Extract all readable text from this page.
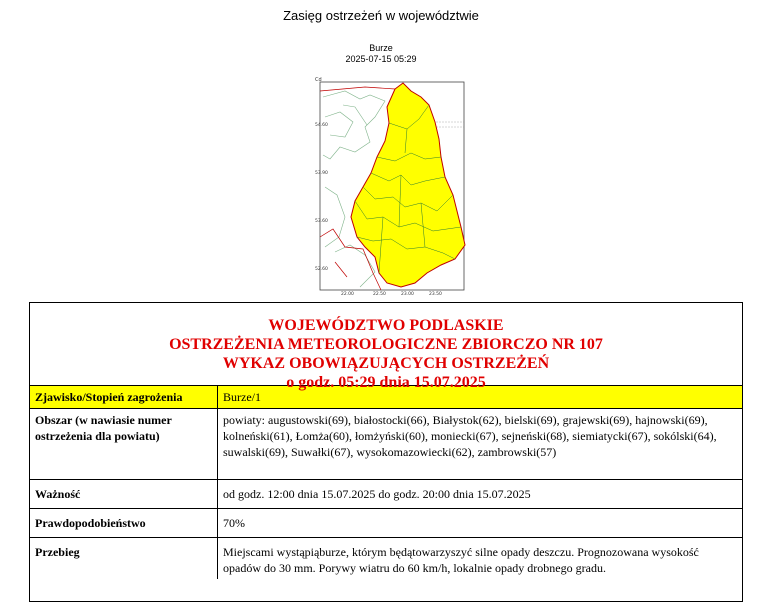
Zasięg ostrzeżeń w województwie
Burze
2025-07-15 05:29
Cd
54.60
53.90
53.60
52.60
22.00	22.50	23.00	23.50
WOJEWÓDZTWO PODLASKIE
OSTRZEŻENIA METEOROLOGICZNE ZBIORCZO NR 107
WYKAZ OBOWIĄZUJĄCYCH OSTRZEŻEŃ
o godz. 05:29 dnia 15.07.2025
Zjawisko/Stopień zagrożenia	Burze/1
Obszar (w nawiasie numer ostrzeżenia dla powiatu)	powiaty: augustowski(69), białostocki(66), Białystok(62), bielski(69), grajewski(69), hajnowski(69), kolneński(61), Łomża(60), łomżyński(60), moniecki(67), sejneński(68), siemiatycki(67), sokólski(64), suwalski(69), Suwałki(67), wysokomazowiecki(62), zambrowski(57)
Ważność	od godz. 12:00 dnia 15.07.2025 do godz. 20:00 dnia 15.07.2025
Prawdopodobieństwo	70%
Przebieg	Miejscami wystąpiąburze, którym będątowarzyszyć silne opady deszczu. Prognozowana wysokość opadów do 30 mm. Porywy wiatru do 60 km/h, lokalnie opady drobnego gradu.
